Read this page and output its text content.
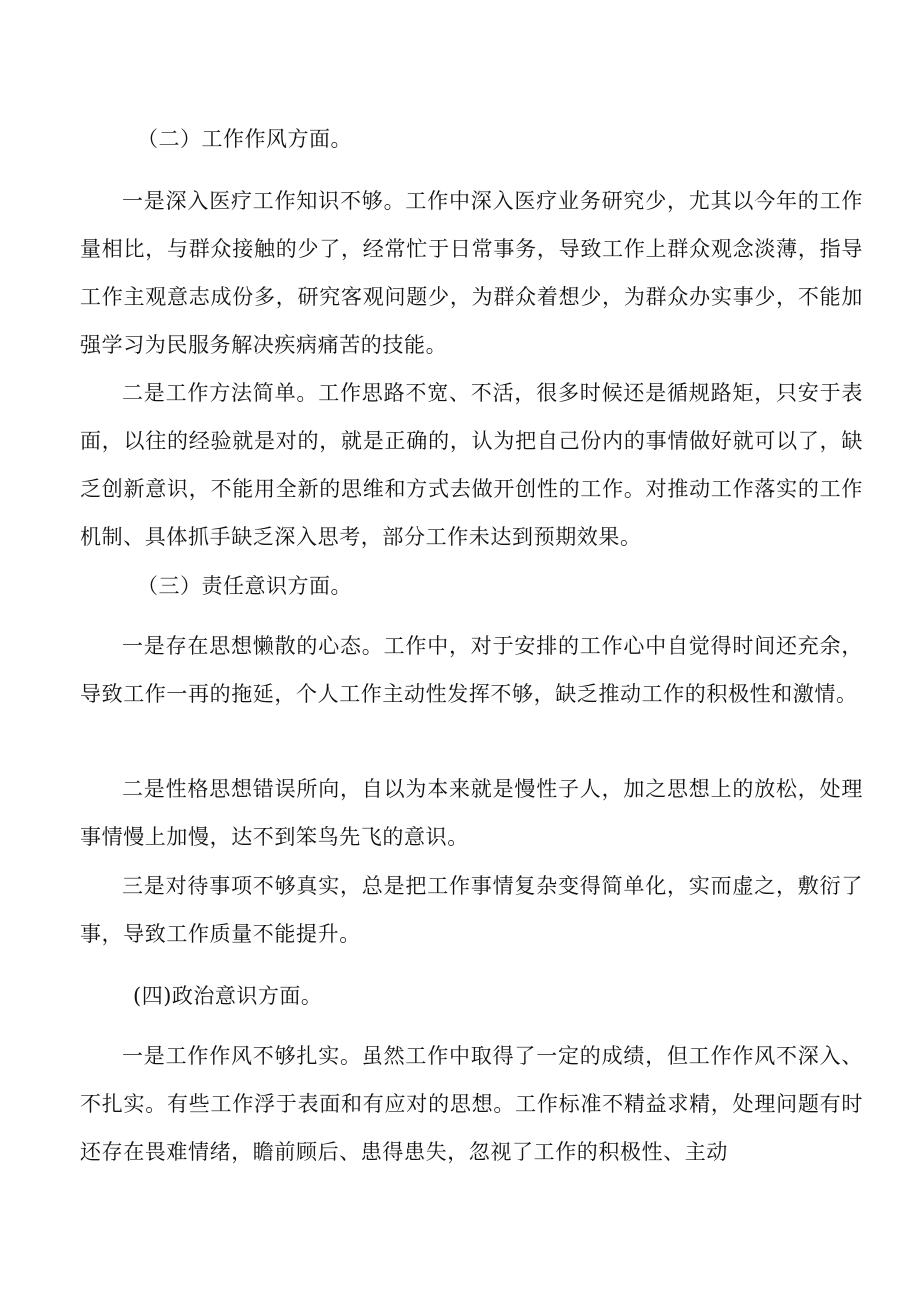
（二）工作作风方面。

一是深入医疗工作知识不够。工作中深入医疗业务研究少，尤其以今年的工作量相比，与群众接触的少了，经常忙于日常事务，导致工作上群众观念淡薄，指导工作主观意志成份多，研究客观问题少，为群众着想少，为群众办实事少，不能加强学习为民服务解决疾病痛苦的技能。

二是工作方法简单。工作思路不宽、不活，很多时候还是循规路矩，只安于表面，以往的经验就是对的，就是正确的，认为把自己份内的事情做好就可以了，缺乏创新意识，不能用全新的思维和方式去做开创性的工作。对推动工作落实的工作机制、具体抓手缺乏深入思考，部分工作未达到预期效果。

（三）责任意识方面。

一是存在思想懒散的心态。工作中，对于安排的工作心中自觉得时间还充余，导致工作一再的拖延，个人工作主动性发挥不够，缺乏推动工作的积极性和激情。

二是性格思想错误所向，自以为本来就是慢性子人，加之思想上的放松，处理事情慢上加慢，达不到笨鸟先飞的意识。

三是对待事项不够真实，总是把工作事情复杂变得简单化，实而虚之，敷衍了事，导致工作质量不能提升。

(四)政治意识方面。

一是工作作风不够扎实。虽然工作中取得了一定的成绩，但工作作风不深入、不扎实。有些工作浮于表面和有应对的思想。工作标准不精益求精，处理问题有时还存在畏难情绪，瞻前顾后、患得患失，忽视了工作的积极性、主动
